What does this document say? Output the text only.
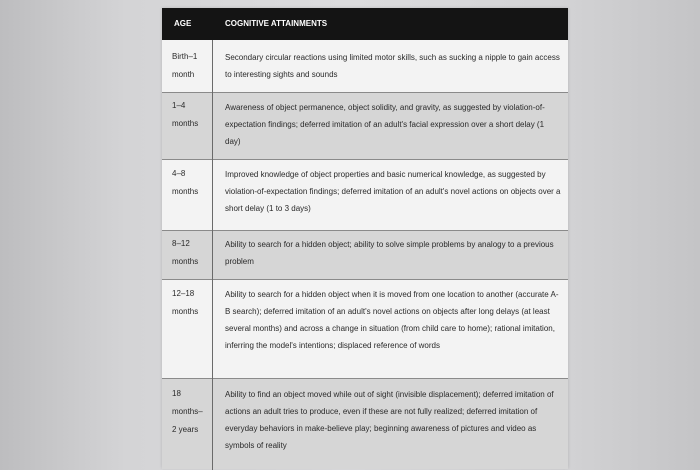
AGE	COGNITIVE ATTAINMENTS
Birth–1
month
Secondary circular reactions using limited motor skills, such as sucking a nipple to gain access to interesting sights and sounds
1–4
months
Awareness of object permanence, object solidity, and gravity, as suggested by violation-of-expectation findings; deferred imitation of an adult's facial expression over a short delay (1 day)
4–8
months
Improved knowledge of object properties and basic numerical knowledge, as suggested by violation-of-expectation findings; deferred imitation of an adult's novel actions on objects over a short delay (1 to 3 days)
8–12
months
Ability to search for a hidden object; ability to solve simple problems by analogy to a previous problem
12–18
months
Ability to search for a hidden object when it is moved from one location to another (accurate A-B search); deferred imitation of an adult's novel actions on objects after long delays (at least several months) and across a change in situation (from child care to home); rational imitation, inferring the model's intentions; displaced reference of words
18
months–
2 years
Ability to find an object moved while out of sight (invisible displacement); deferred imitation of actions an adult tries to produce, even if these are not fully realized; deferred imitation of everyday behaviors in make-believe play; beginning awareness of pictures and video as symbols of reality
